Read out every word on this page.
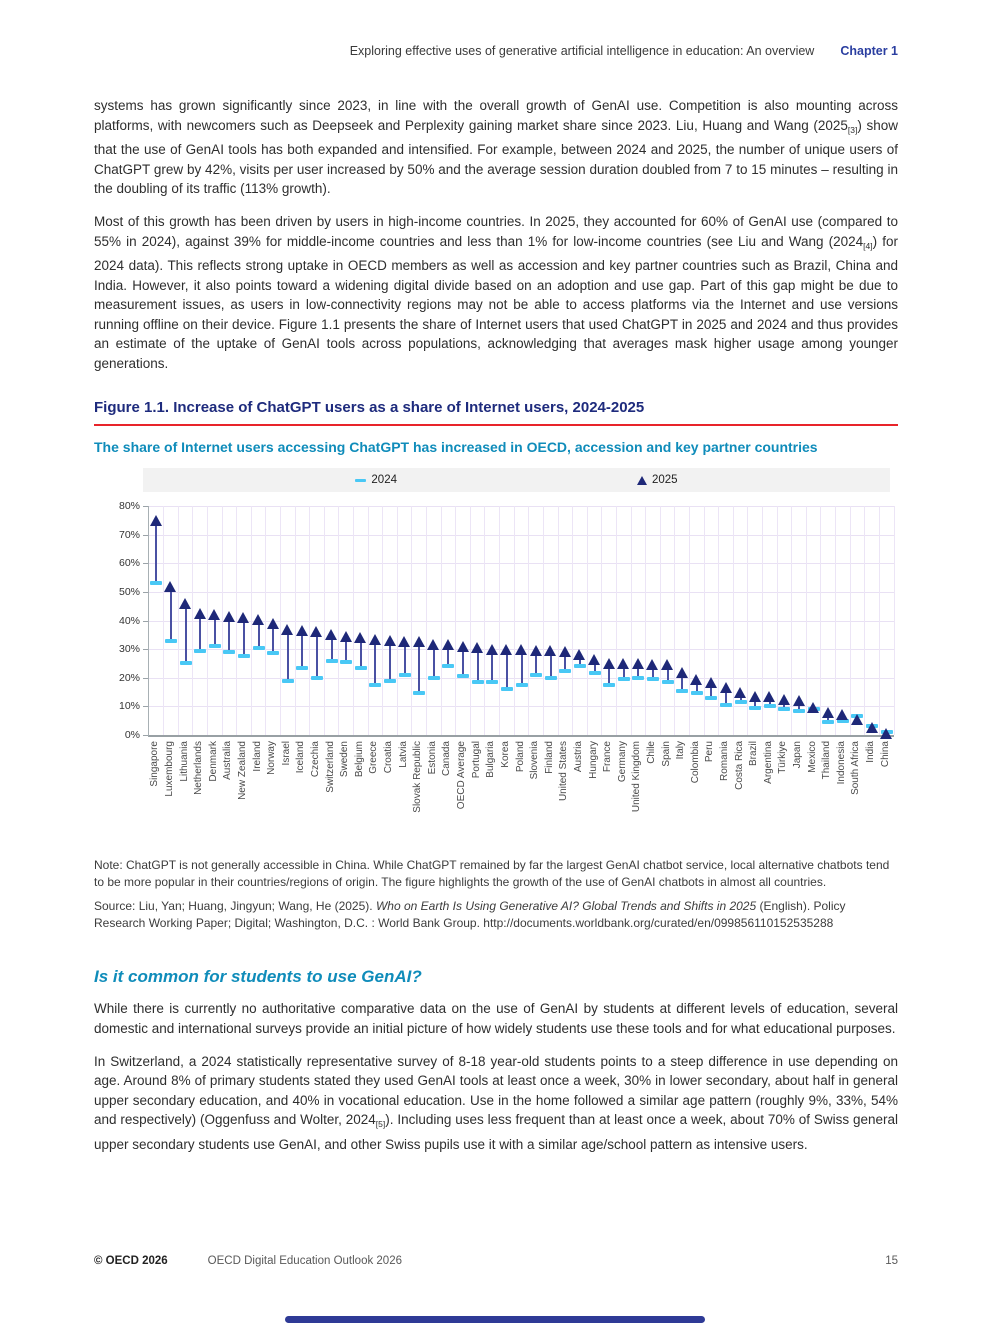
Exploring effective uses of generative artificial intelligence in education: An overview Chapter 1

systems has grown significantly since 2023, in line with the overall growth of GenAI use. Competition is also mounting across platforms, with newcomers such as Deepseek and Perplexity gaining market share since 2023. Liu, Huang and Wang $(2025_{[3]})$ show that the use of GenAI tools has both expanded and intensified. For example, between 2024 and 2025, the number of unique users of ChatGPT grew by 42%, visits per user increased by 50% and the average session duration doubled from 7 to 15 minutes – resulting in the doubling of its traffic (113% growth).

Most of this growth has been driven by users in high-income countries. In 2025, they accounted for 60% of GenAI use (compared to 55% in 2024), against 39% for middle-income countries and less than 1% for low-income countries (see Liu and Wang $(2024_{[4]})$ for 2024 data). This reflects strong uptake in OECD members as well as accession and key partner countries such as Brazil, China and India. However, it also points toward a widening digital divide based on an adoption and use gap. Part of this gap might be due to measurement issues, as users in low-connectivity regions may not be able to access platforms via the Internet and use versions running offline on their device. Figure 1.1 presents the share of Internet users that used ChatGPT in 2025 and 2024 and thus provides an estimate of the uptake of GenAI tools across populations, acknowledging that averages mask higher usage among younger generations.

Figure 1.1. Increase of ChatGPT users as a share of Internet users, 2024-2025
The share of Internet users accessing ChatGPT has increased in OECD, accession and key partner countries
2024	2025
0%
10%
20%
30%
40%
50%
60%
70%
80%
Singapore Luxembourg Lithuania Netherlands Denmark Australia New Zealand Ireland Norway Israel Iceland Czechia Switzerland Sweden Belgium Greece Croatia Latvia Slovak Republic Estonia Canada OECD Average Portugal Bulgaria Korea Poland Slovenia Finland United States Austria Hungary France Germany United Kingdom Chile Spain Italy Colombia Peru Romania Costa Rica Brazil Argentina Türkiye Japan Mexico Thailand Indonesia South Africa India China
Note: ChatGPT is not generally accessible in China. While ChatGPT remained by far the largest GenAI chatbot service, local alternative chatbots tend to be more popular in their countries/regions of origin. The figure highlights the growth of the use of GenAI chatbots in almost all countries.
Source: Liu, Yan; Huang, Jingyun; Wang, He (2025). Who on Earth Is Using Generative AI? Global Trends and Shifts in 2025 (English). Policy Research Working Paper; Digital; Washington, D.C. : World Bank Group. http://documents.worldbank.org/curated/en/099856110152535288
Is it common for students to use GenAI?

While there is currently no authoritative comparative data on the use of GenAI by students at different levels of education, several domestic and international surveys provide an initial picture of how widely students use these tools and for what educational purposes.

In Switzerland, a 2024 statistically representative survey of 8-18 year-old students points to a steep difference in use depending on age. Around 8% of primary students stated they used GenAI tools at least once a week, 30% in lower secondary, about half in general upper secondary education, and 40% in vocational education. Use in the home followed a similar age pattern (roughly 9%, 33%, 54% and respectively) (Oggenfuss and Wolter, $2024_{[5]}$). Including uses less frequent than at least once a week, about 70% of Swiss general upper secondary students use GenAI, and other Swiss pupils use it with a similar age/school pattern as intensive users.

© OECD 2026	OECD Digital Education Outlook 2026	15
